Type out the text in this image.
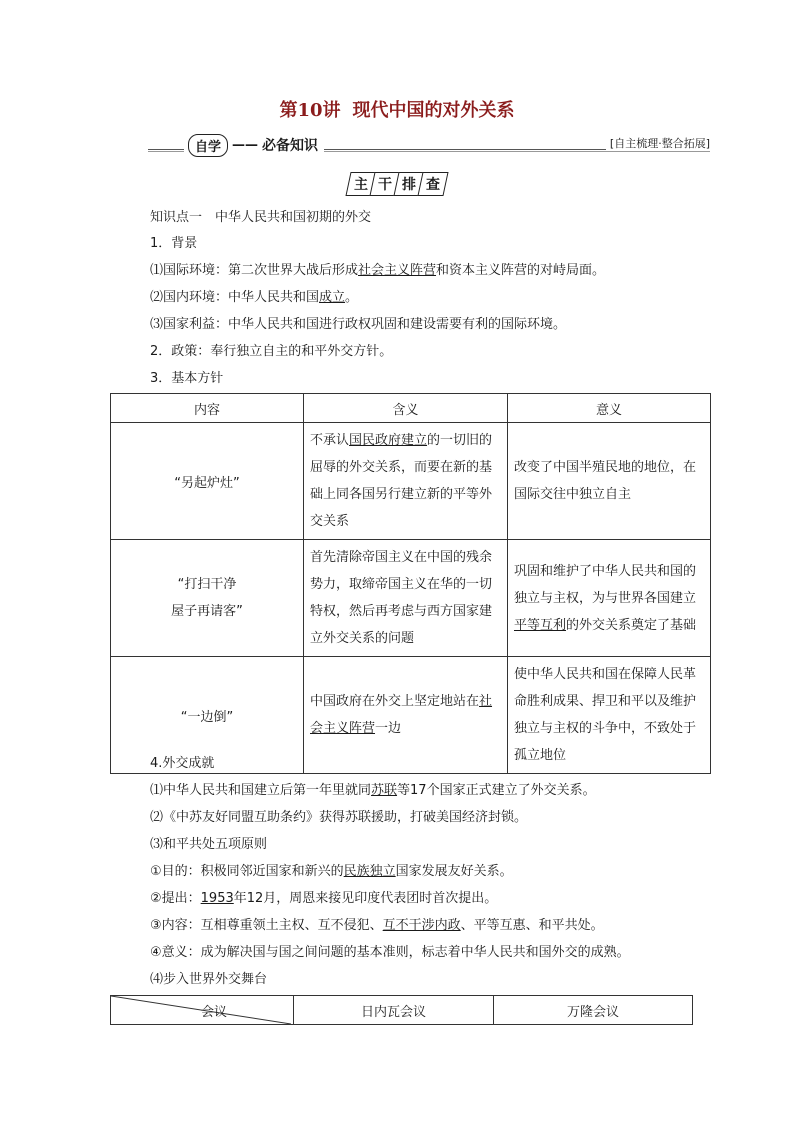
第10讲 现代中国的对外关系
自学 —— 必备知识	[自主梳理·整合拓展]
主 干 排 查
知识点一　中华人民共和国初期的外交
1．背景
⑴国际环境：第二次世界大战后形成社会主义阵营和资本主义阵营的对峙局面。
⑵国内环境：中华人民共和国成立。
⑶国家利益：中华人民共和国进行政权巩固和建设需要有利的国际环境。
2．政策：奉行独立自主的和平外交方针。
3．基本方针
内容	含义	意义
“另起炉灶”	不承认国民政府建立的一切旧的屈辱的外交关系，而要在新的基础上同各国另行建立新的平等外交关系	改变了中国半殖民地的地位，在国际交往中独立自主
“打扫干净
屋子再请客”	首先清除帝国主义在中国的残余势力，取缔帝国主义在华的一切特权，然后再考虑与西方国家建立外交关系的问题	巩固和维护了中华人民共和国的独立与主权，为与世界各国建立平等互利的外交关系奠定了基础
“一边倒”	中国政府在外交上坚定地站在社会主义阵营一边	使中华人民共和国在保障人民革命胜利成果、捍卫和平以及维护独立与主权的斗争中，不致处于孤立地位
4.外交成就
⑴中华人民共和国建立后第一年里就同苏联等17个国家正式建立了外交关系。
⑵《中苏友好同盟互助条约》获得苏联援助，打破美国经济封锁。
⑶和平共处五项原则
①目的：积极同邻近国家和新兴的民族独立国家发展友好关系。
②提出：1953年12月，周恩来接见印度代表团时首次提出。
③内容：互相尊重领土主权、互不侵犯、互不干涉内政、平等互惠、和平共处。
④意义：成为解决国与国之间问题的基本准则，标志着中华人民共和国外交的成熟。
⑷步入世界外交舞台
会议	日内瓦会议	万隆会议
